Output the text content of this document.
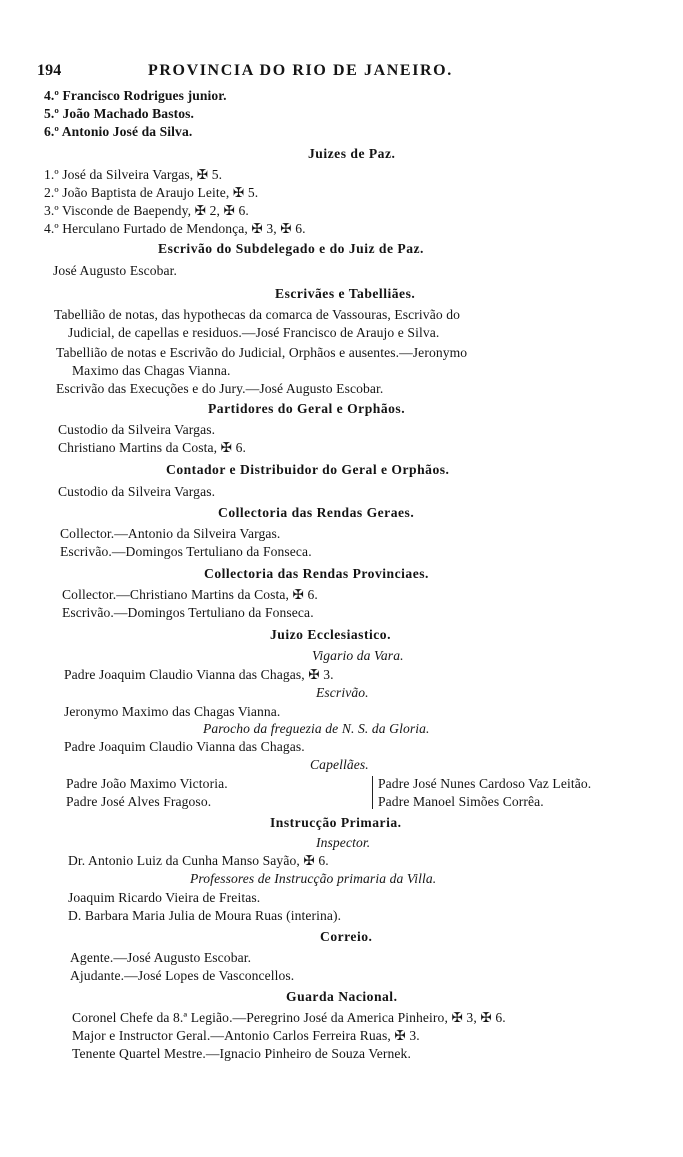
194	PROVINCIA DO RIO DE JANEIRO.
4.º Francisco Rodrigues junior.
5.º João Machado Bastos.
6.º Antonio José da Silva.
Juizes de Paz.
1.º José da Silveira Vargas, ✠ 5.
2.º João Baptista de Araujo Leite, ✠ 5.
3.º Visconde de Baependy, ✠ 2, ✠ 6.
4.º Herculano Furtado de Mendonça, ✠ 3, ✠ 6.
Escrivão do Subdelegado e do Juiz de Paz.
José Augusto Escobar.
Escrivães e Tabelliães.
Tabellião de notas, das hypothecas da comarca de Vassouras, Escrivão do
Judicial, de capellas e residuos.—José Francisco de Araujo e Silva.
Tabellião de notas e Escrivão do Judicial, Orphãos e ausentes.—Jeronymo
Maximo das Chagas Vianna.
Escrivão das Execuções e do Jury.—José Augusto Escobar.
Partidores do Geral e Orphãos.
Custodio da Silveira Vargas.
Christiano Martins da Costa, ✠ 6.
Contador e Distribuidor do Geral e Orphãos.
Custodio da Silveira Vargas.
Collectoria das Rendas Geraes.
Collector.—Antonio da Silveira Vargas.
Escrivão.—Domingos Tertuliano da Fonseca.
Collectoria das Rendas Provinciaes.
Collector.—Christiano Martins da Costa, ✠ 6.
Escrivão.—Domingos Tertuliano da Fonseca.
Juizo Ecclesiastico.
Vigario da Vara.
Padre Joaquim Claudio Vianna das Chagas, ✠ 3.
Escrivão.
Jeronymo Maximo das Chagas Vianna.
Parocho da freguezia de N. S. da Gloria.
Padre Joaquim Claudio Vianna das Chagas.
Capellães.
Padre João Maximo Victoria.
Padre José Alves Fragoso.
Padre José Nunes Cardoso Vaz Leitão.
Padre Manoel Simões Corrêa.
Instrucção Primaria.
Inspector.
Dr. Antonio Luiz da Cunha Manso Sayão, ✠ 6.
Professores de Instrucção primaria da Villa.
Joaquim Ricardo Vieira de Freitas.
D. Barbara Maria Julia de Moura Ruas (interina).
Correio.
Agente.—José Augusto Escobar.
Ajudante.—José Lopes de Vasconcellos.
Guarda Nacional.
Coronel Chefe da 8.ª Legião.—Peregrino José da America Pinheiro, ✠ 3, ✠ 6.
Major e Instructor Geral.—Antonio Carlos Ferreira Ruas, ✠ 3.
Tenente Quartel Mestre.—Ignacio Pinheiro de Souza Vernek.
